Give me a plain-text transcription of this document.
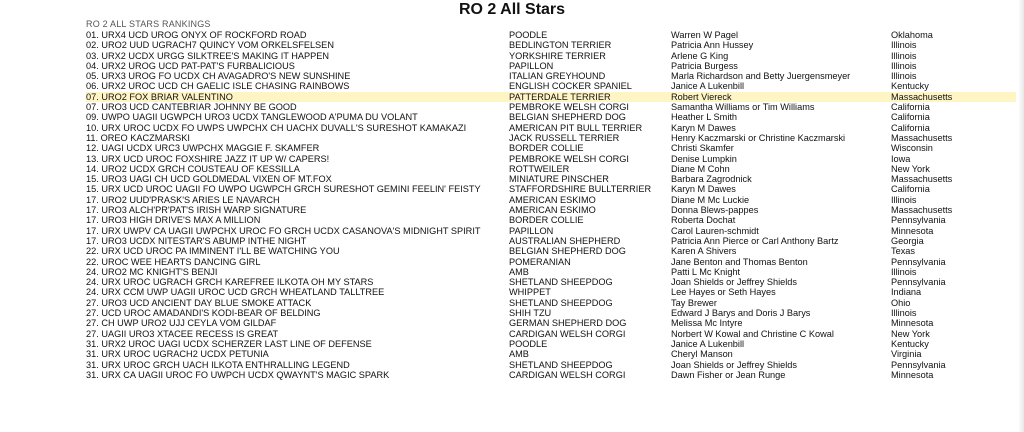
RO 2 All Stars
RO 2 ALL STARS RANKINGS
01. URX4 UCD UROG ONYX OF ROCKFORD ROAD	POODLE	Warren W Pagel	Oklahoma
02. URO2 UUD UGRACH7 QUINCY VOM ORKELSFELSEN	BEDLINGTON TERRIER	Patricia Ann Hussey	Illinois
03. URX2 UCDX URGG SILKTREE'S MAKING IT HAPPEN	YORKSHIRE TERRIER	Arlene G King	Illinois
04. URX2 UROG UCD PAT-PAT'S FURBALICIOUS	PAPILLON	Patricia Burgess	Illinois
05. URX3 UROG FO UCDX CH AVAGADRO'S NEW SUNSHINE	ITALIAN GREYHOUND	Marla Richardson and Betty Juergensmeyer	Illinois
06. URX2 UROC UCD CH GAELIC ISLE CHASING RAINBOWS	ENGLISH COCKER SPANIEL	Janice A Lukenbill	Kentucky
07. URO2 FOX BRIAR VALENTINO	PATTERDALE TERRIER	Robert Viereck	Massachusetts
07. URO3 UCD CANTEBRIAR JOHNNY BE GOOD	PEMBROKE WELSH CORGI	Samantha Williams or Tim Williams	California
09. UWPO UAGII UGWPCH URO3 UCDX TANGLEWOOD A'PUMA DU VOLANT	BELGIAN SHEPHERD DOG	Heather L Smith	California
10. URX UROC UCDX FO UWPS UWPCHX CH UACHX DUVALL'S SURESHOT KAMAKAZI	AMERICAN PIT BULL TERRIER	Karyn M Dawes	California
11. OREO KACZMARSKI	JACK RUSSELL TERRIER	Henry Kaczmarski or Christine Kaczmarski	Massachusetts
12. UAGI UCDX URC3 UWPCHX MAGGIE F. SKAMFER	BORDER COLLIE	Christi Skamfer	Wisconsin
13. URX UCD UROC FOXSHIRE JAZZ IT UP W/ CAPERS!	PEMBROKE WELSH CORGI	Denise Lumpkin	Iowa
14. URO2 UCDX GRCH COUSTEAU OF KESSILLA	ROTTWEILER	Diane M Cohn	New York
15. URO3 UAGI CH UCD GOLDMEDAL VIXEN OF MT.FOX	MINIATURE PINSCHER	Barbara Zagrodnick	Massachusetts
15. URX UCD UROC UAGII FO UWPO UGWPCH GRCH SURESHOT GEMINI FEELIN' FEISTY	STAFFORDSHIRE BULLTERRIER	Karyn M Dawes	California
17. URO2 UUD'PRASK'S ARIES LE NAVARCH	AMERICAN ESKIMO	Diane M Mc Luckie	Illinois
17. URO3 ALCH'PR'PAT'S IRISH WARP SIGNATURE	AMERICAN ESKIMO	Donna Blews-pappes	Massachusetts
17. URO3 HIGH DRIVE'S MAX A MILLION	BORDER COLLIE	Roberta Dochat	Pennsylvania
17. URX UWPV CA UAGII UWPCHX UROC FO GRCH UCDX CASANOVA'S MIDNIGHT SPIRIT	PAPILLON	Carol Lauren-schmidt	Minnesota
17. URO3 UCDX NITESTAR'S ABUMP INTHE NIGHT	AUSTRALIAN SHEPHERD	Patricia Ann Pierce or Carl Anthony Bartz	Georgia
22. URX UCD UROC PA IMMINENT I'LL BE WATCHING YOU	BELGIAN SHEPHERD DOG	Karen A Shivers	Texas
22. UROC WEE HEARTS DANCING GIRL	POMERANIAN	Jane Benton and Thomas Benton	Pennsylvania
24. URO2 MC KNIGHT'S BENJI	AMB	Patti L Mc Knight	Illinois
24. URX UROC UGRACH GRCH KAREFREE ILKOTA OH MY STARS	SHETLAND SHEEPDOG	Joan Shields or Jeffrey Shields	Pennsylvania
24. URX CCM UWP UAGII UROC UCD GRCH WHEATLAND TALLTREE	WHIPPET	Lee Hayes or Seth Hayes	Indiana
27. URO3 UCD ANCIENT DAY BLUE SMOKE ATTACK	SHETLAND SHEEPDOG	Tay Brewer	Ohio
27. UCD UROC AMADANDI'S KODI-BEAR OF BELDING	SHIH TZU	Edward J Barys and Doris J Barys	Illinois
27. CH UWP URO2 UJJ CEYLA VOM GILDAF	GERMAN SHEPHERD DOG	Melissa Mc Intyre	Minnesota
27. UAGII URO3 XTACEE RECESS IS GREAT	CARDIGAN WELSH CORGI	Norbert W Kowal and Christine C Kowal	New York
31. URX2 UROC UAGI UCDX SCHERZER LAST LINE OF DEFENSE	POODLE	Janice A Lukenbill	Kentucky
31. URX UROC UGRACH2 UCDX PETUNIA	AMB	Cheryl Manson	Virginia
31. URX UROC GRCH UACH ILKOTA ENTHRALLING LEGEND	SHETLAND SHEEPDOG	Joan Shields or Jeffrey Shields	Pennsylvania
31. URX CA UAGII UROC FO UWPCH UCDX QWAYNT'S MAGIC SPARK	CARDIGAN WELSH CORGI	Dawn Fisher or Jean Runge	Minnesota
